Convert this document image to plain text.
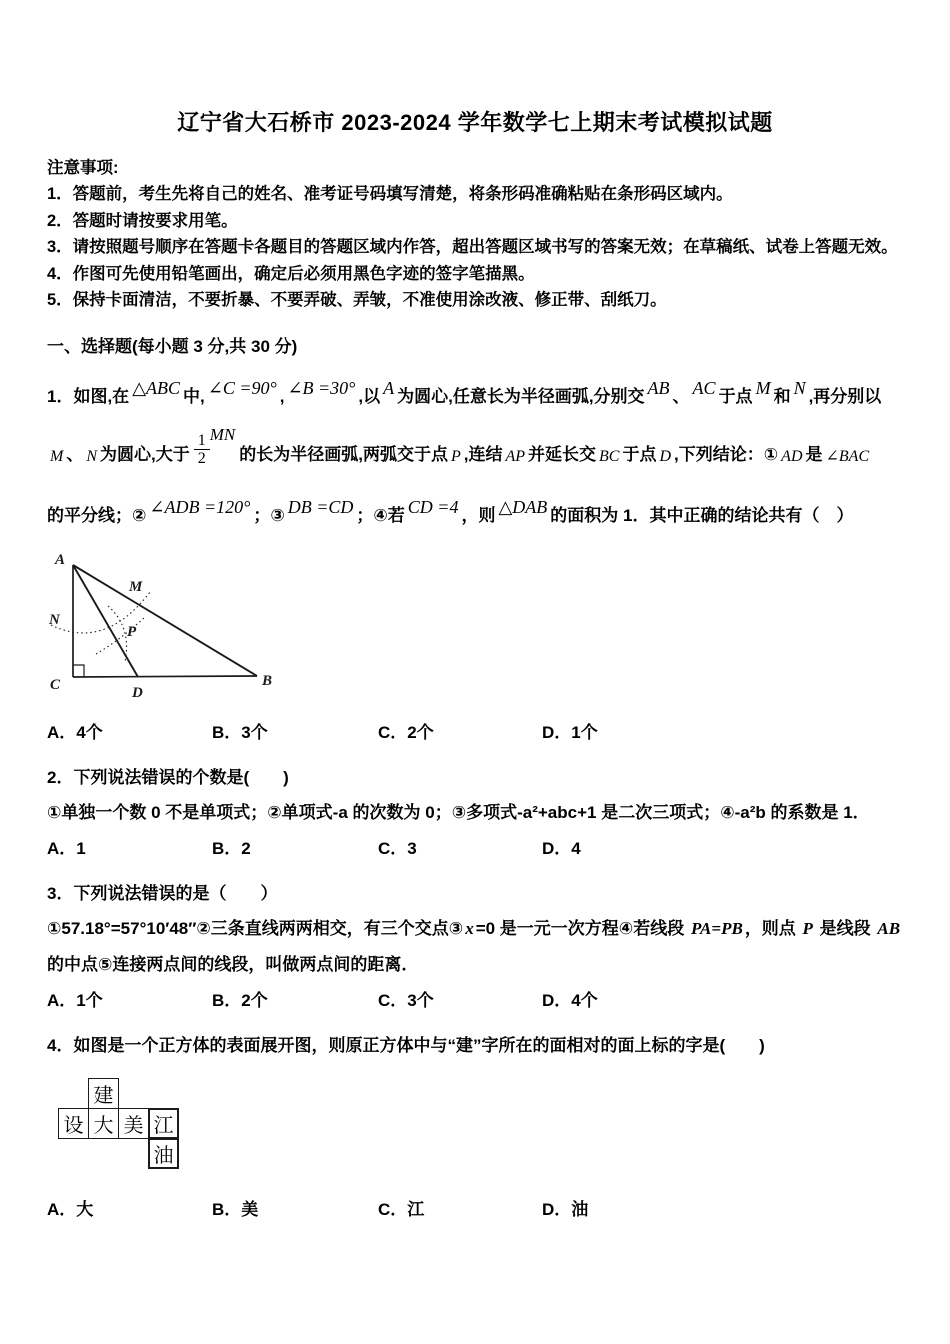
辽宁省大石桥市 2023-2024 学年数学七上期末考试模拟试题
注意事项:
1．答题前，考生先将自己的姓名、准考证号码填写清楚，将条形码准确粘贴在条形码区域内。
2．答题时请按要求用笔。
3．请按照题号顺序在答题卡各题目的答题区域内作答，超出答题区域书写的答案无效；在草稿纸、试卷上答题无效。
4．作图可先使用铅笔画出，确定后必须用黑色字迹的签字笔描黑。
5．保持卡面清洁，不要折暴、不要弄破、弄皱，不准使用涂改液、修正带、刮纸刀。
一、选择题(每小题 3 分,共 30 分)

1．如图,在 △ABC 中, ∠C =90° , ∠B =30° ,以 A 为圆心,任意长为半径画弧,分别交 AB 、 AC 于点 M 和 N ,再分别以

M 、 N 为圆心,大于 $\frac{1}{2}$ MN的长为半径画弧,两弧交于点 P ,连结 AP 并延长交 BC 于点 D ,下列结论：① AD 是 ∠BAC

的平分线；② ∠ADB =120° ；③ DB =CD ；④若 CD =4 ，则 △DAB 的面积为 1．其中正确的结论共有（　）

A
M
N
P
C	D
B
A．4个	B．3个	C．2个	D．1个

2．下列说法错误的个数是(　　)

①单独一个数 0 不是单项式；②单项式-a 的次数为 0；③多项式-a²+abc+1 是二次三项式；④-a²b 的系数是 1．

A．1	B．2	C．3	D．4

3．下列说法错误的是（　　）

①57.18°=57°10′48″②三条直线两两相交，有三个交点③ x =0 是一元一次方程④若线段 PA=PB ，则点 P 是线段 AB

的中点⑤连接两点间的线段，叫做两点间的距离．

A．1个	B．2个	C．3个	D．4个

4．如图是一个正方体的表面展开图，则原正方体中与“建”字所在的面相对的面上标的字是(　　)

建
设 大 美 江
油
A．大	B．美	C．江	D．油
